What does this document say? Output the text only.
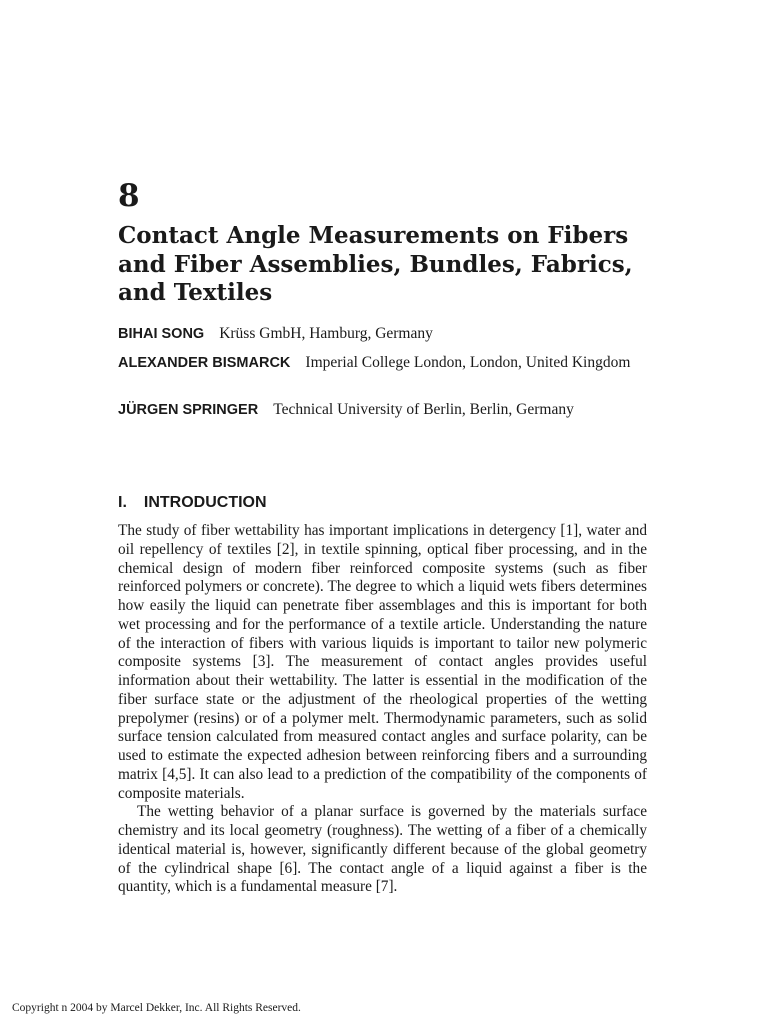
8
Contact Angle Measurements on Fibers and Fiber Assemblies, Bundles, Fabrics, and Textiles
BIHAI SONG Krüss GmbH, Hamburg, Germany
ALEXANDER BISMARCK Imperial College London, London, United Kingdom
JÜRGEN SPRINGER Technical University of Berlin, Berlin, Germany
I. INTRODUCTION

The study of fiber wettability has important implications in detergency [1], water and oil repellency of textiles [2], in textile spinning, optical fiber processing, and in the chemical design of modern fiber reinforced composite systems (such as fiber reinforced polymers or concrete). The degree to which a liquid wets fibers determines how easily the liquid can penetrate fiber assemblages and this is important for both wet processing and for the performance of a textile article. Understanding the nature of the interaction of fibers with various liquids is important to tailor new polymeric composite systems [3]. The measurement of contact angles provides useful information about their wettability. The latter is essential in the modification of the fiber surface state or the adjustment of the rheological properties of the wetting prepolymer (resins) or of a polymer melt. Thermodynamic parameters, such as solid surface tension calculated from measured contact angles and surface polarity, can be used to estimate the expected adhesion between reinforcing fibers and a surrounding matrix [4,5]. It can also lead to a prediction of the compatibility of the components of composite materials.

The wetting behavior of a planar surface is governed by the materials surface chemistry and its local geometry (roughness). The wetting of a fiber of a chemically identical material is, however, significantly different because of the global geometry of the cylindrical shape [6]. The contact angle of a liquid against a fiber is the quantity, which is a fundamental measure [7].

Copyright n 2004 by Marcel Dekker, Inc. All Rights Reserved.
